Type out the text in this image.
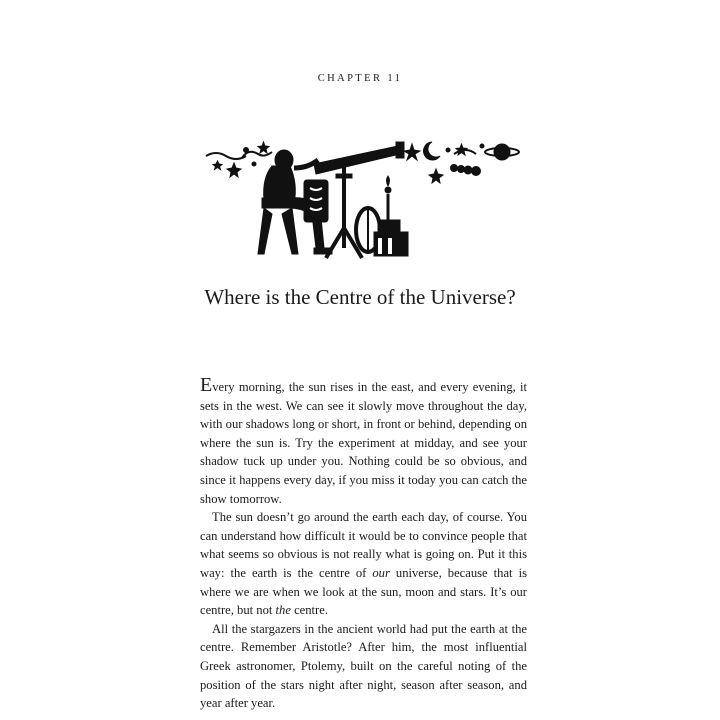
CHAPTER 11
Where is the Centre of the Universe?

Every morning, the sun rises in the east, and every evening, it sets in the west. We can see it slowly move throughout the day, with our shadows long or short, in front or behind, depending on where the sun is. Try the experiment at midday, and see your shadow tuck up under you. Nothing could be so obvious, and since it happens every day, if you miss it today you can catch the show tomorrow.

The sun doesn’t go around the earth each day, of course. You can understand how difficult it would be to convince people that what seems so obvious is not really what is going on. Put it this way: the earth is the centre of our universe, because that is where we are when we look at the sun, moon and stars. It’s our centre, but not the centre.

All the stargazers in the ancient world had put the earth at the centre. Remember Aristotle? After him, the most influential Greek astronomer, Ptolemy, built on the careful noting of the position of the stars night after night, season after season, and year after year.
